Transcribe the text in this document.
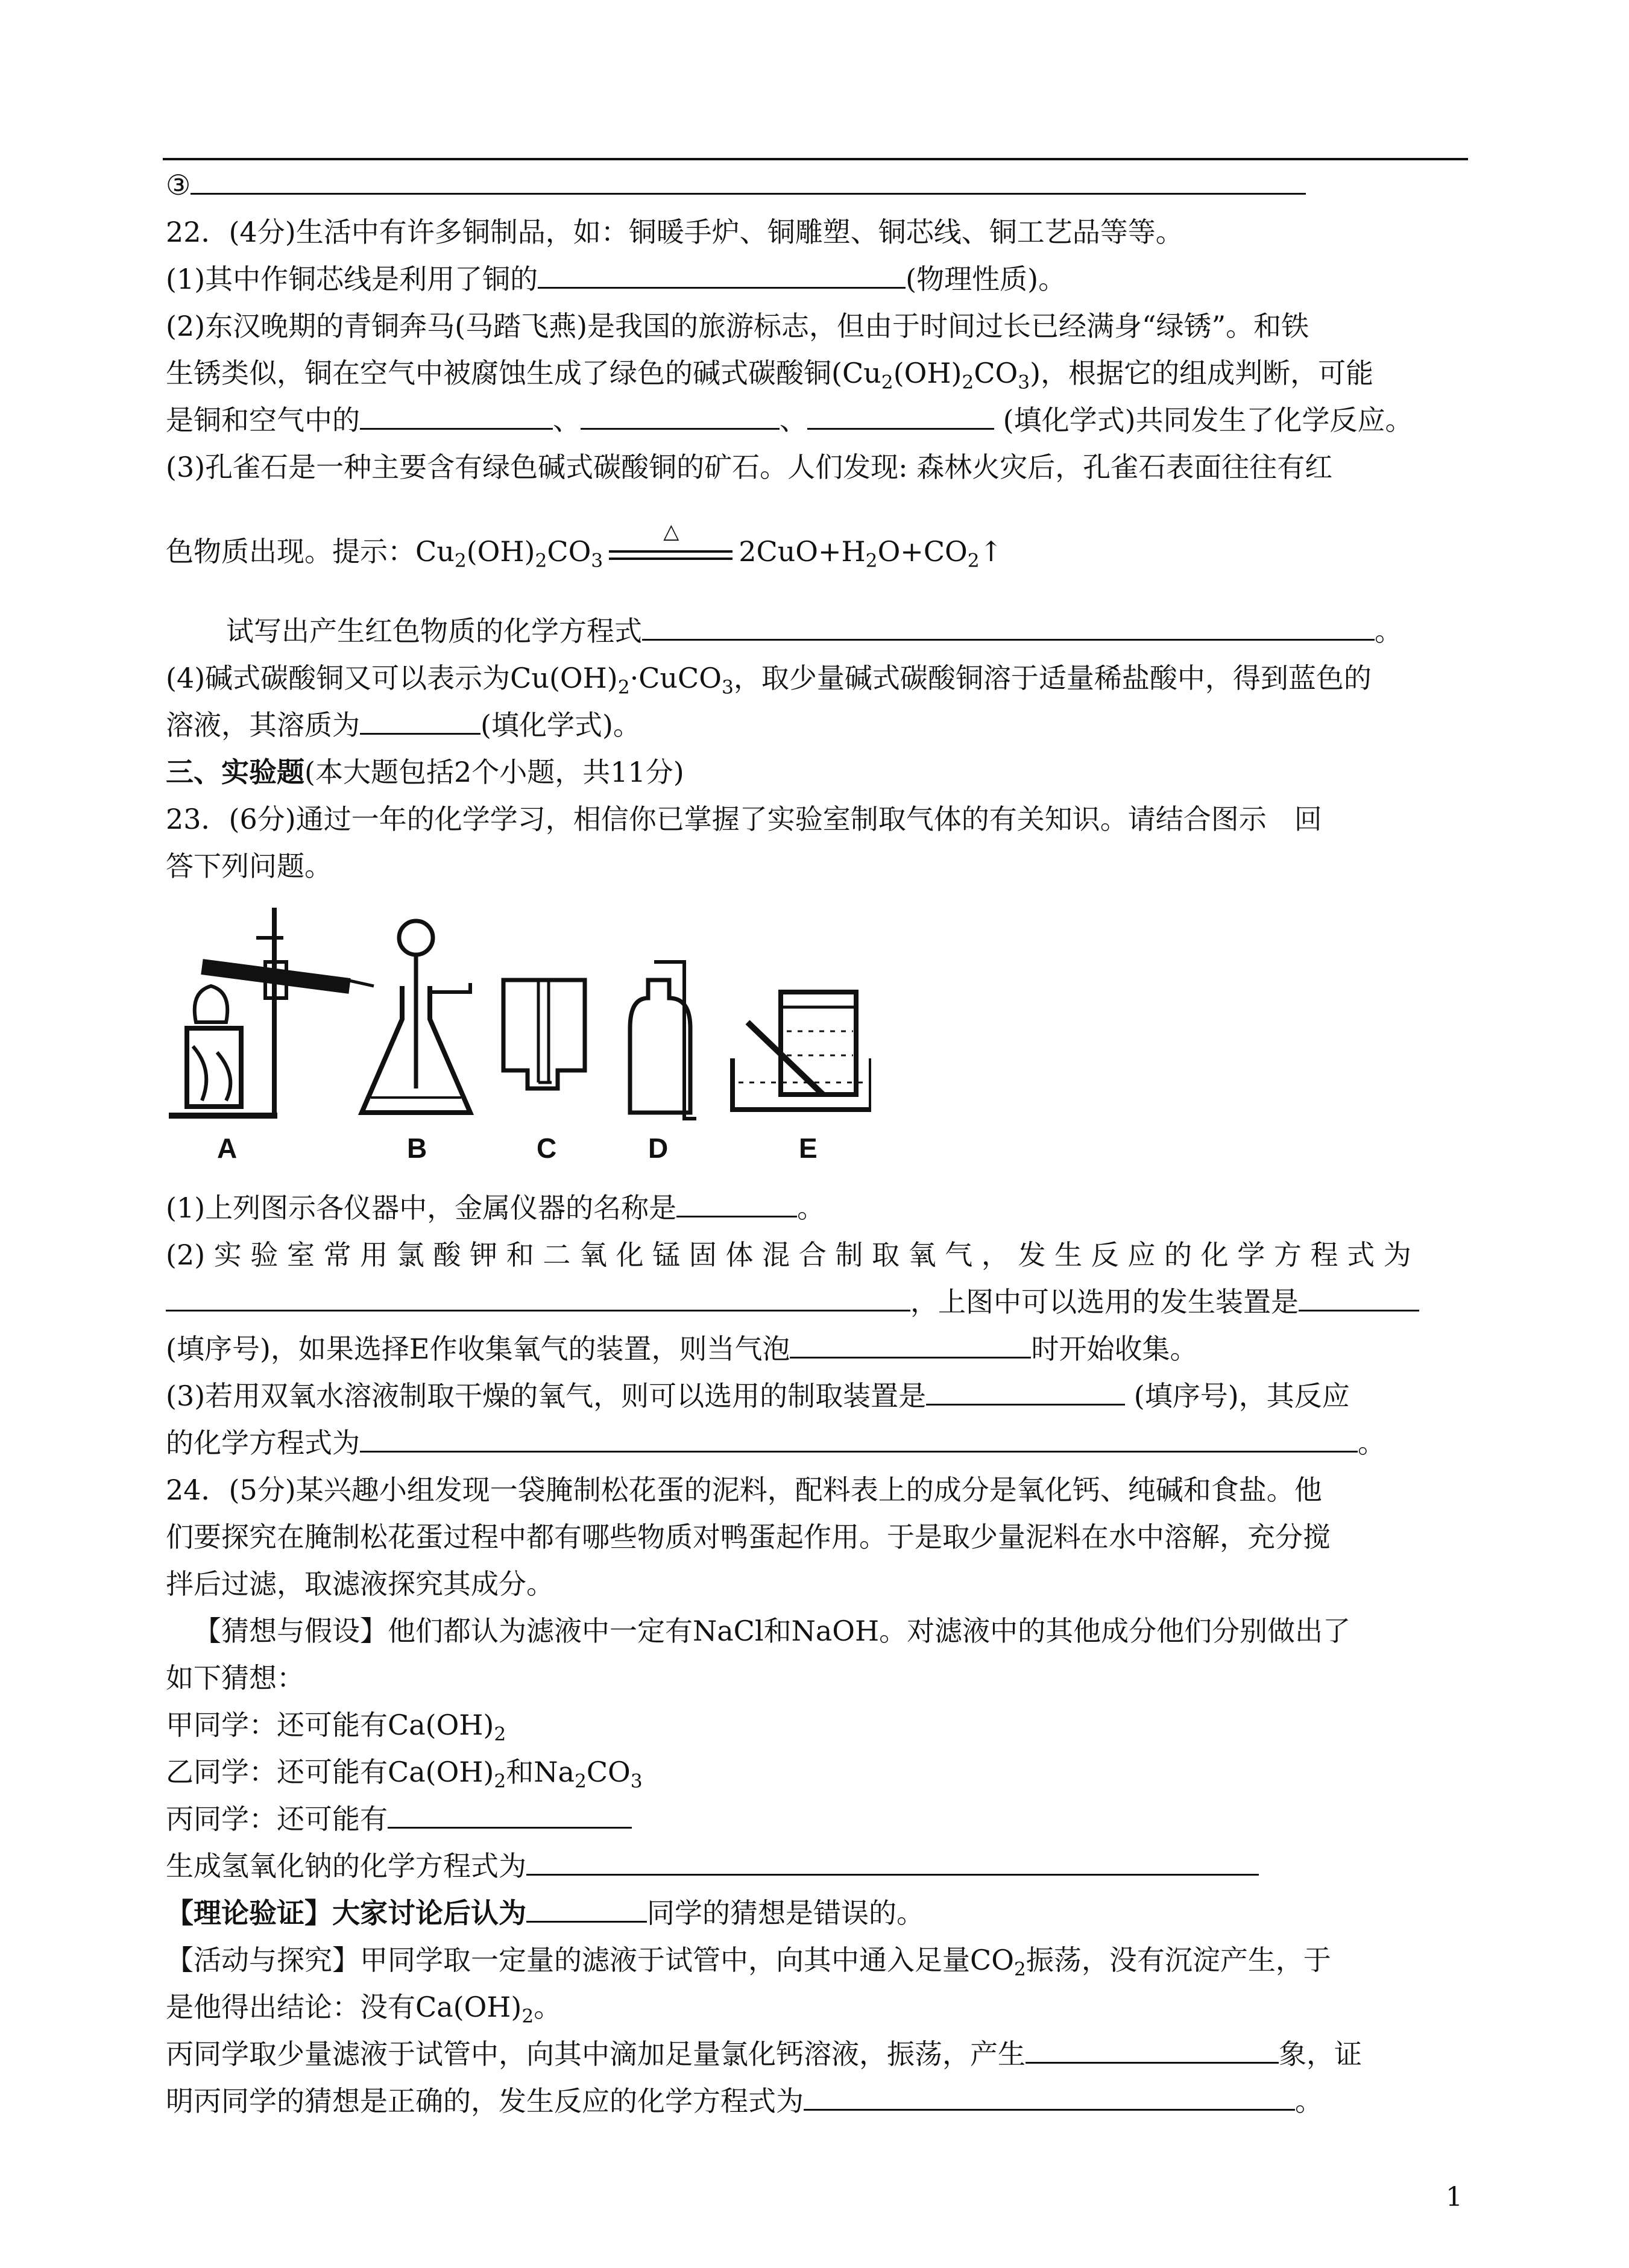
③
22．(4分)生活中有许多铜制品，如：铜暖手炉、铜雕塑、铜芯线、铜工艺品等等。
(1)其中作铜芯线是利用了铜的	(物理性质)。
(2)东汉晚期的青铜奔马(马踏飞燕)是我国的旅游标志，但由于时间过长已经满身“绿锈”。和铁
生锈类似，铜在空气中被腐蚀生成了绿色的碱式碳酸铜$(Cu_2(OH)_2CO_3)$，根据它的组成判断，可能
是铜和空气中的	、	、	(填化学式)共同发生了化学反应。
(3)孔雀石是一种主要含有绿色碱式碳酸铜的矿石。人们发现: 森林火灾后，孔雀石表面往往有红
色物质出现。提示：$Cu_2(OH)_2CO_3$
△
$2CuO+H_2O+CO_2↑$
试写出产生红色物质的化学方程式	。
(4)碱式碳酸铜又可以表示为$Cu(OH)_2\cdot CuCO_3$，取少量碱式碳酸铜溶于适量稀盐酸中，得到蓝色的
溶液，其溶质为	(填化学式)。
三、实验题(本大题包括2个小题，共11分)
23．(6分)通过一年的化学学习，相信你已掌握了实验室制取气体的有关知识。请结合图示　回
答下列问题。
A	B	C	D	E
(1)上列图示各仪器中，金属仪器的名称是	。
(2) 实 验 室 常 用 氯 酸 钾 和 二 氧 化 锰 固 体 混 合 制 取 氧 气 ， 发 生 反 应 的 化 学 方 程 式 为
，上图中可以选用的发生装置是
(填序号)，如果选择E作收集氧气的装置，则当气泡	时开始收集。
(3)若用双氧水溶液制取干燥的氧气，则可以选用的制取装置是	(填序号)，其反应
的化学方程式为	。
24．(5分)某兴趣小组发现一袋腌制松花蛋的泥料，配料表上的成分是氧化钙、纯碱和食盐。他
们要探究在腌制松花蛋过程中都有哪些物质对鸭蛋起作用。于是取少量泥料在水中溶解，充分搅
拌后过滤，取滤液探究其成分。
【猜想与假设】他们都认为滤液中一定有NaCl和NaOH。对滤液中的其他成分他们分别做出了
如下猜想：
甲同学：还可能有$Ca(OH)_2$
乙同学：还可能有$Ca(OH)_2$和$Na_2CO_3$
丙同学：还可能有
生成氢氧化钠的化学方程式为
【理论验证】大家讨论后认为	同学的猜想是错误的。
【活动与探究】甲同学取一定量的滤液于试管中，向其中通入足量$CO_2$振荡，没有沉淀产生，于
是他得出结论：没有$Ca(OH)_2$。
丙同学取少量滤液于试管中，向其中滴加足量氯化钙溶液，振荡，产生	象，证
明丙同学的猜想是正确的，发生反应的化学方程式为	。
1
